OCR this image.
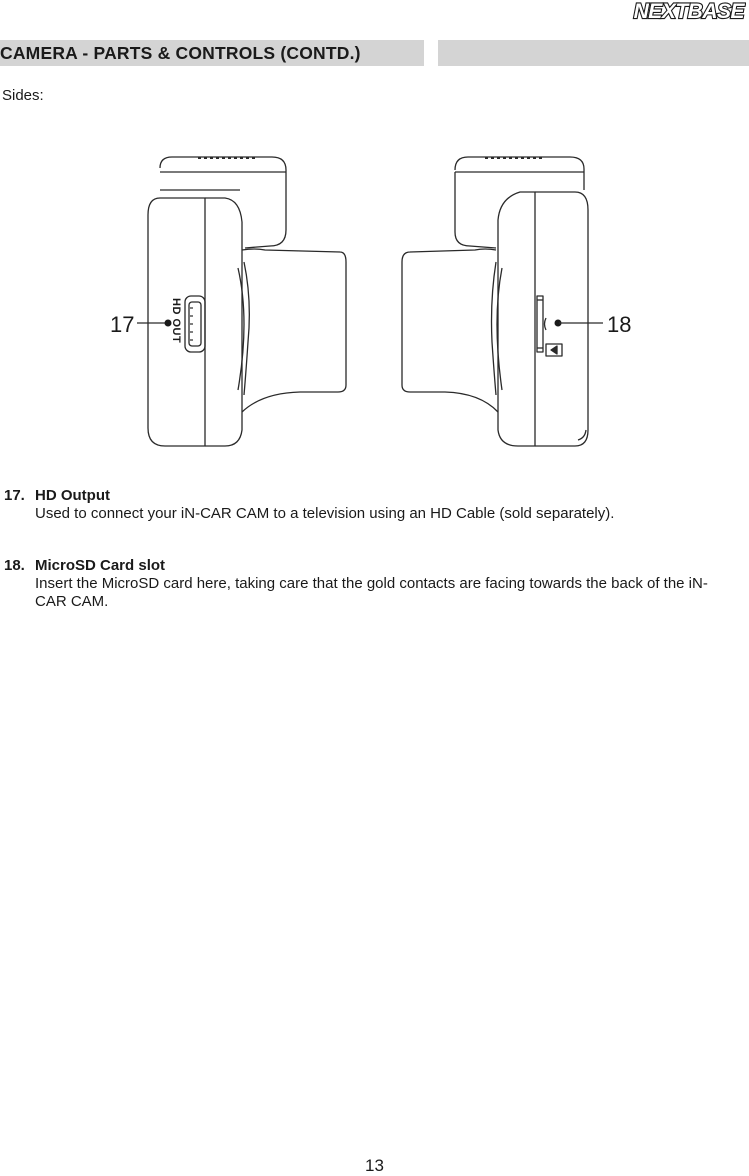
NEXTBASE
CAMERA - PARTS & CONTROLS (CONTD.)
Sides:
17	HD OUT	18
17. HD Output
Used to connect your iN-CAR CAM to a television using an HD Cable (sold separately).
18. MicroSD Card slot
Insert the MicroSD card here, taking care that the gold contacts are facing towards the back of the iN-CAR CAM.
13
